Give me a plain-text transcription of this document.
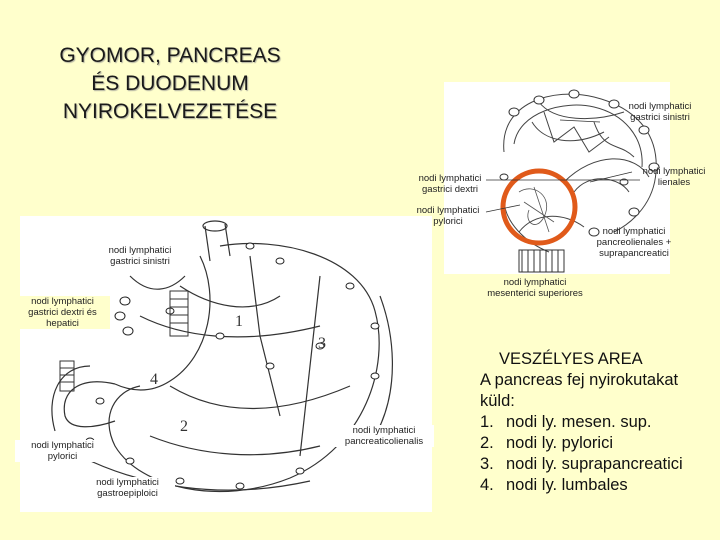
GYOMOR, PANCREAS
ÉS DUODENUM
NYIROKELVEZETÉSE	nodi lymphatici
gastrici sinistri
nodi lymphatici
lienales
nodi lymphatici
gastrici dextri
nodi lymphatici
pylorici
nodi lymphatici
pancreolienales +
suprapancreatici
nodi lymphatici
mesenterici superiores
1
2
3
4
nodi lymphatici
gastrici sinistri
nodi lymphatici
gastrici dextri és
hepatici
nodi lymphatici
pylorici
nodi lymphatici
gastroepiploici
nodi lymphatici
pancreaticolienalis
VESZÉLYES AREA
A pancreas fej nyirokutakat
küld:
1. nodi ly. mesen. sup.
2. nodi ly. pylorici
3. nodi ly. suprapancreatici
4. nodi ly. lumbales
